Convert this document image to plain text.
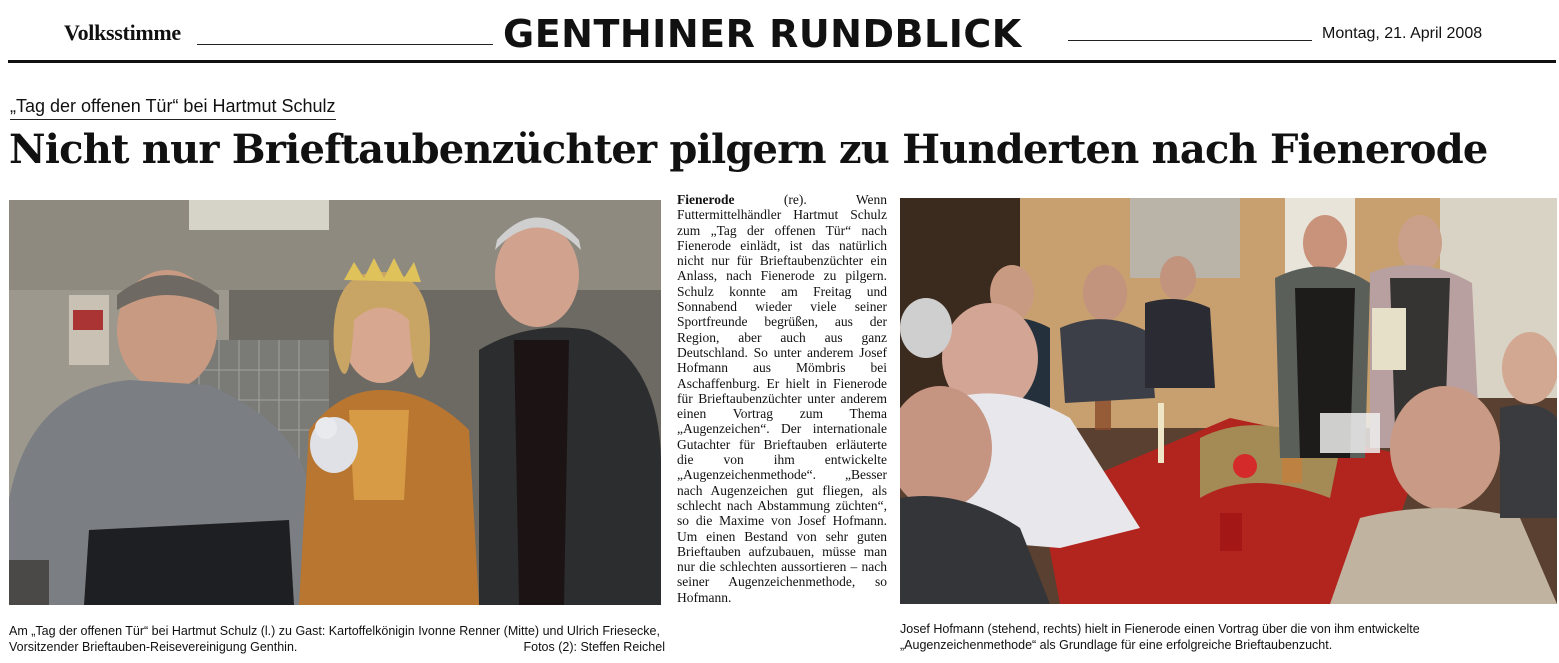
Volksstimme	GENTHINER RUNDBLICK	Montag, 21. April 2008
„Tag der offenen Tür“ bei Hartmut Schulz
Nicht nur Brieftaubenzüchter pilgern zu Hunderten nach Fienerode
Am „Tag der offenen Tür“ bei Hartmut Schulz (l.) zu Gast: Kartoffelkönigin Ivonne Renner (Mitte) und Ulrich Friesecke, Vorsitzender Brieftauben-Reisevereinigung Genthin.	Fotos (2): Steffen Reichel
Fienerode (re). Wenn Futtermittelhändler Hartmut Schulz zum „Tag der offenen Tür“ nach Fienerode einlädt, ist das natürlich nicht nur für Brieftaubenzüchter ein Anlass, nach Fienerode zu pilgern. Schulz konnte am Freitag und Sonnabend wieder viele seiner Sportfreunde begrüßen, aus der Region, aber auch aus ganz Deutschland. So unter anderem Josef Hofmann aus Mömbris bei Aschaffenburg. Er hielt in Fienerode für Brieftaubenzüchter unter anderem einen Vortrag zum Thema „Augenzeichen“. Der internationale Gutachter für Brieftauben erläuterte die von ihm entwickelte „Augenzeichenmethode“. „Besser nach Augenzeichen gut fliegen, als schlecht nach Abstammung züchten“, so die Maxime von Josef Hofmann. Um einen Bestand von sehr guten Brieftauben aufzubauen, müsse man nur die schlechten aussortieren – nach seiner Augenzeichenmethode, so Hofmann.
Josef Hofmann (stehend, rechts) hielt in Fienerode einen Vortrag über die von ihm entwickelte „Augenzeichenmethode“ als Grundlage für eine erfolgreiche Brieftaubenzucht.
